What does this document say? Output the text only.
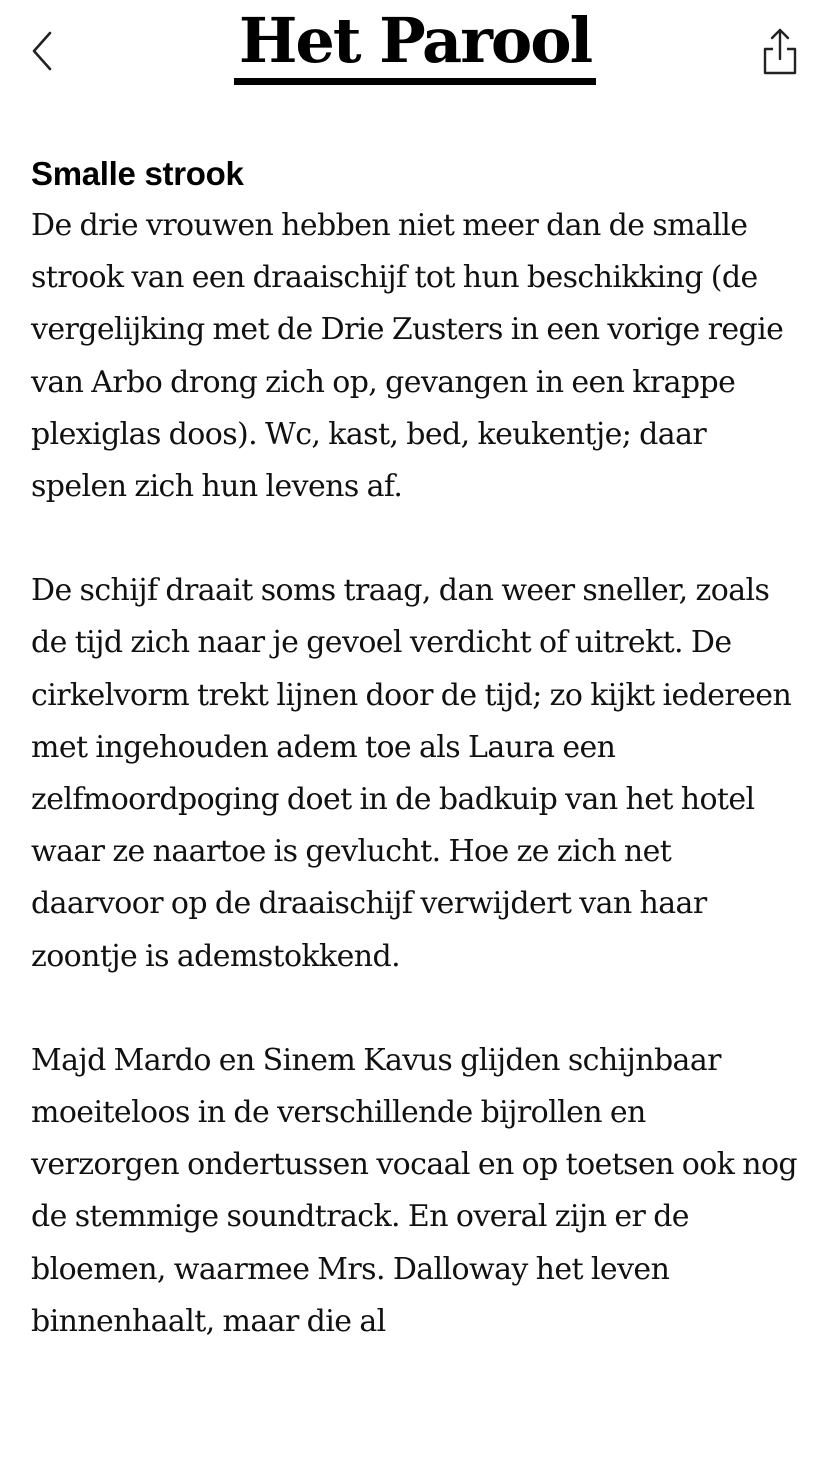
Het Parool
Smalle strook

De drie vrouwen hebben niet meer dan de smalle strook van een draaischijf tot hun beschikking (de vergelijking met de Drie Zusters in een vorige regie van Arbo drong zich op, gevangen in een krappe plexiglas doos). Wc, kast, bed, keukentje; daar spelen zich hun levens af.

De schijf draait soms traag, dan weer sneller, zoals de tijd zich naar je gevoel verdicht of uitrekt. De cirkelvorm trekt lijnen door de tijd; zo kijkt iedereen met ingehouden adem toe als Laura een zelfmoordpoging doet in de badkuip van het hotel waar ze naartoe is gevlucht. Hoe ze zich net daarvoor op de draaischijf verwijdert van haar zoontje is ademstokkend.

Majd Mardo en Sinem Kavus glijden schijnbaar moeiteloos in de verschillende bijrollen en verzorgen ondertussen vocaal en op toetsen ook nog de stemmige soundtrack. En overal zijn er de bloemen, waarmee Mrs. Dalloway het leven binnenhaalt, maar die al
